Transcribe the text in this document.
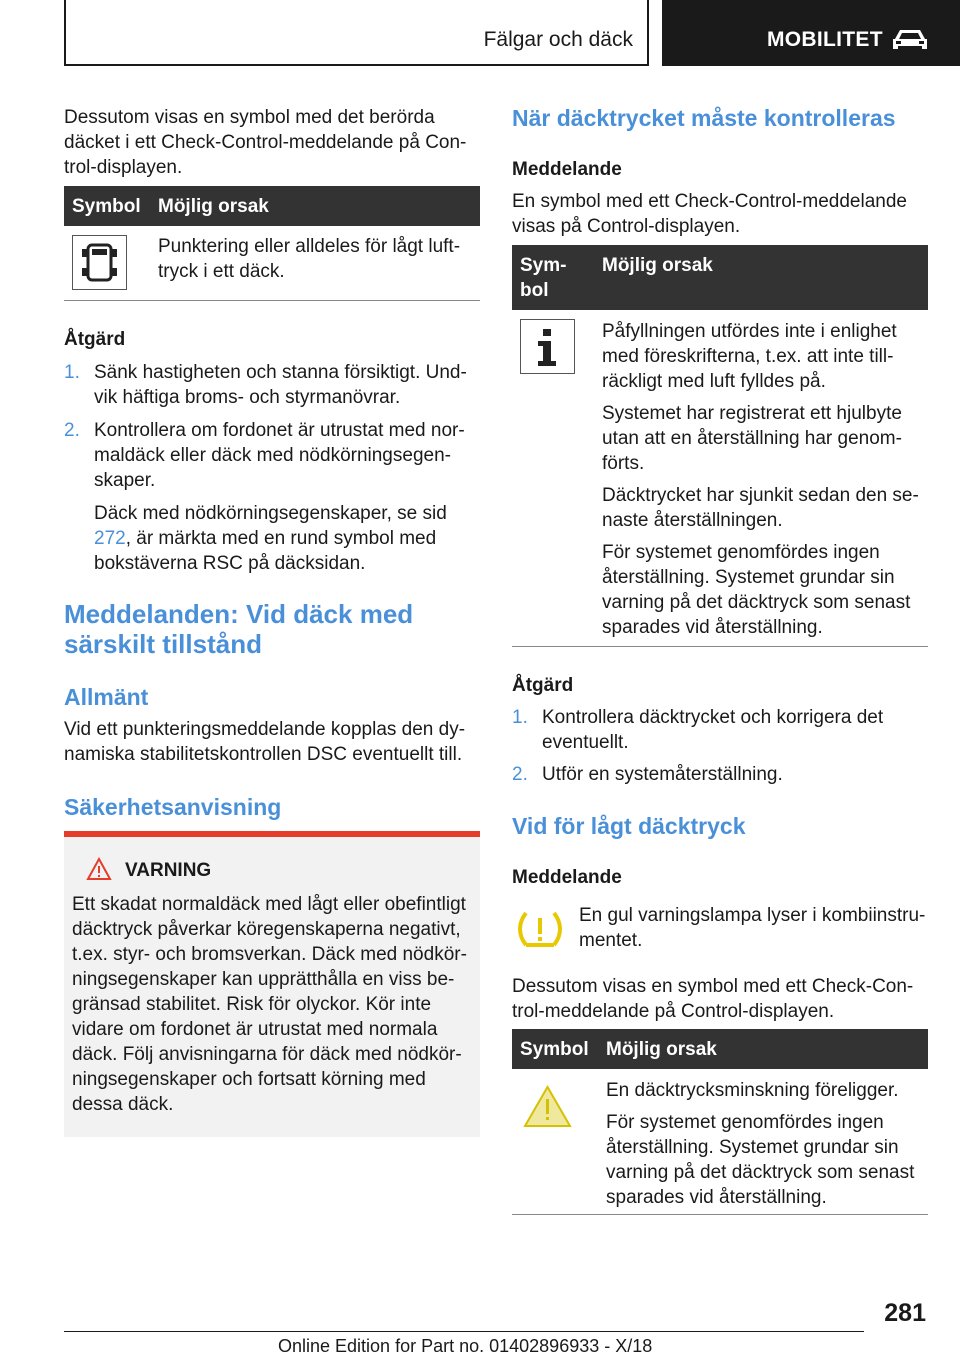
Fälgar och däck	MOBILITET

Dessutom visas en symbol med det berörda däcket i ett Check-Control-meddelande på Con-trol-displayen.

Symbol Möjlig orsak

Punktering eller alldeles för lågt luft-tryck i ett däck.

Åtgärd

1. Sänk hastigheten och stanna försiktigt. Und-vik häftiga broms- och styrmanövrar.
2. Kontrollera om fordonet är utrustat med nor-maldäck eller däck med nödkörningsegen-skaper.

Däck med nödkörningsegenskaper, se sid 272, är märkta med en rund symbol med bokstäverna RSC på däcksidan.

Meddelanden: Vid däck med särskilt tillstånd

Allmänt

Vid ett punkteringsmeddelande kopplas den dy-namiska stabilitetskontrollen DSC eventuellt till.

Säkerhetsanvisning

VARNING

Ett skadat normaldäck med lågt eller obefintligt däcktryck påverkar köregenskaperna negativt, t.ex. styr- och bromsverkan. Däck med nödkör-ningsegenskaper kan upprätthålla en viss be-gränsad stabilitet. Risk för olyckor. Kör inte vidare om fordonet är utrustat med normala däck. Följ anvisningarna för däck med nödkör-ningsegenskaper och fortsatt körning med dessa däck.

När däcktrycket måste kontrolleras

Meddelande

En symbol med ett Check-Control-meddelande visas på Control-displayen.

Sym-bol
Möjlig orsak

Påfyllningen utfördes inte i enlighet med föreskrifterna, t.ex. att inte till-räckligt med luft fylldes på.

Systemet har registrerat ett hjulbyte utan att en återställning har genom-förts.

Däcktrycket har sjunkit sedan den se-naste återställningen.

För systemet genomfördes ingen återställning. Systemet grundar sin varning på det däcktryck som senast sparades vid återställning.

Åtgärd

1. Kontrollera däcktrycket och korrigera det eventuellt.
2. Utför en systemåterställning.

Vid för lågt däcktryck

Meddelande

En gul varningslampa lyser i kombiinstru-mentet.

Dessutom visas en symbol med ett Check-Con-trol-meddelande på Control-displayen.

Symbol Möjlig orsak

En däcktrycksminskning föreligger.

För systemet genomfördes ingen återställning. Systemet grundar sin varning på det däcktryck som senast sparades vid återställning.

281
Online Edition for Part no. 01402896933 - X/18
